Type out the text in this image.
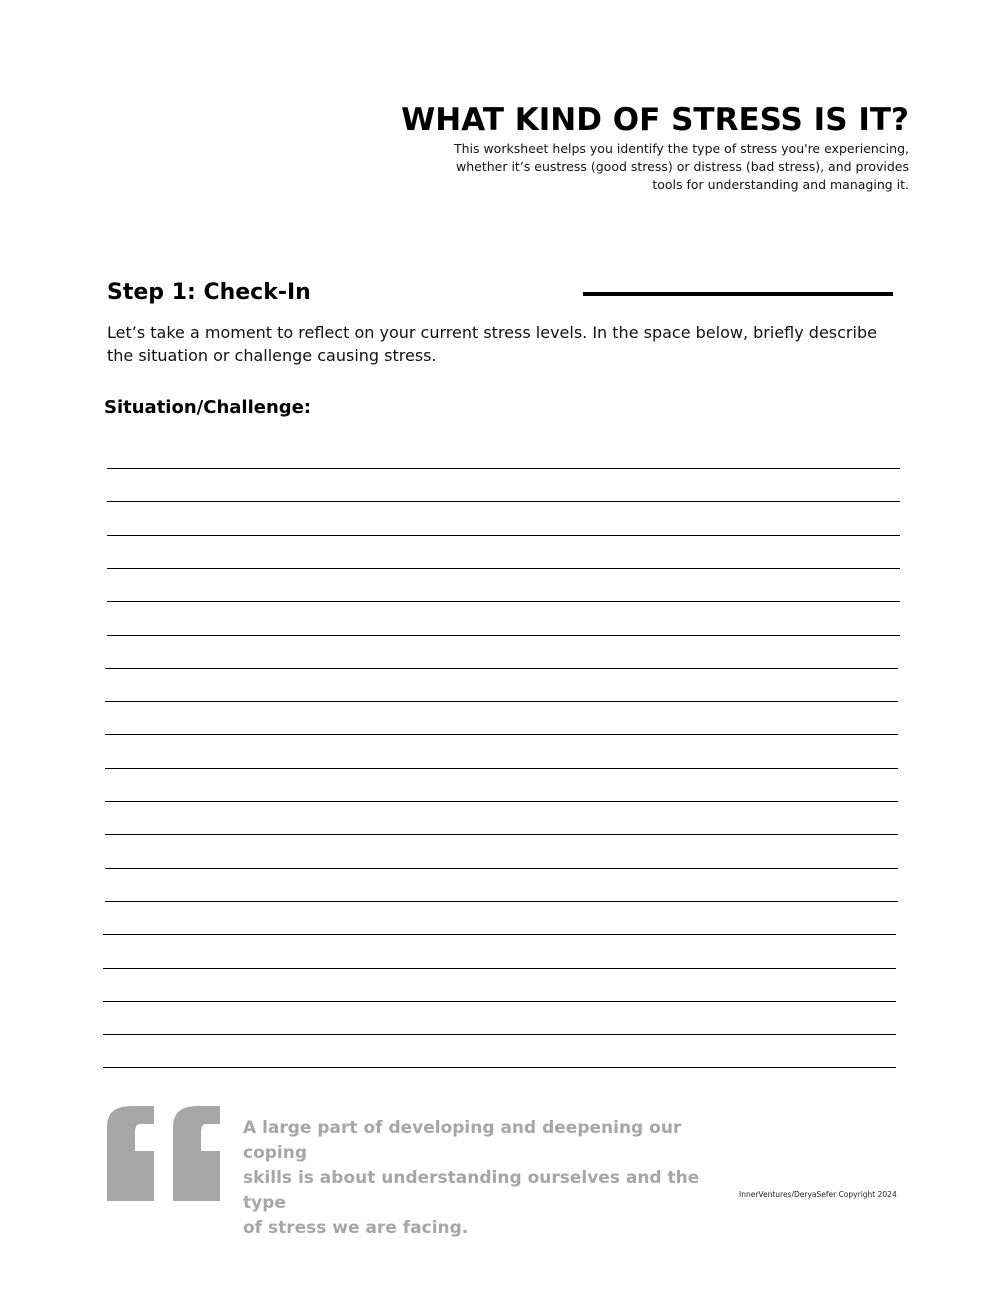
WHAT KIND OF STRESS IS IT?
This worksheet helps you identify the type of stress you're experiencing,
whether it’s eustress (good stress) or distress (bad stress), and provides
tools for understanding and managing it.
Step 1: Check-In
Let’s take a moment to reflect on your current stress levels. In the space below, briefly describe
the situation or challenge causing stress.
Situation/Challenge:
A large part of developing and deepening our coping
skills is about understanding ourselves and the type
of stress we are facing.
InnerVentures/DeryaSefer Copyright 2024
